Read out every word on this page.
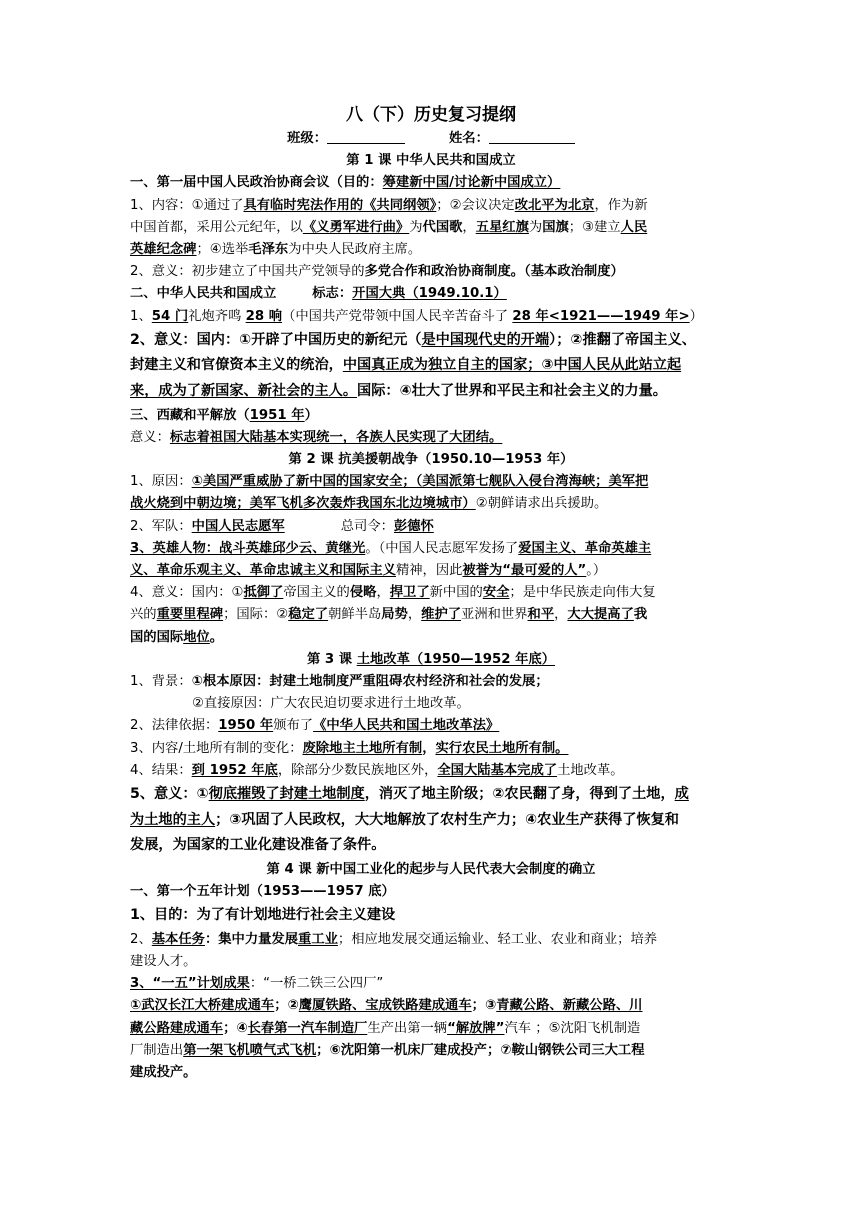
八（下）历史复习提纲
班级：	姓名：
第 1 课 中华人民共和国成立
一、第一届中国人民政治协商会议（目的：筹建新中国/讨论新中国成立）
1、内容：①通过了具有临时宪法作用的《共同纲领》；②会议决定改北平为北京，作为新
中国首都，采用公元纪年，以《义勇军进行曲》为代国歌，五星红旗为国旗；③建立人民
英雄纪念碑；④选举毛泽东为中央人民政府主席。
2、意义：初步建立了中国共产党领导的多党合作和政治协商制度。（基本政治制度）
二、中华人民共和国成立	标志：开国大典（1949.10.1）
1、54 门礼炮齐鸣 28 响（中国共产党带领中国人民辛苦奋斗了 28 年<1921——1949 年>）
2、意义：国内：①开辟了中国历史的新纪元（是中国现代史的开端）；②推翻了帝国主义、
封建主义和官僚资本主义的统治，中国真正成为独立自主的国家；③中国人民从此站立起
来，成为了新国家、新社会的主人。国际：④壮大了世界和平民主和社会主义的力量。
三、西藏和平解放（1951 年）
意义：标志着祖国大陆基本实现统一，各族人民实现了大团结。
第 2 课 抗美援朝战争（1950.10—1953 年）
1、原因：①美国严重威胁了新中国的国家安全；（美国派第七舰队入侵台湾海峡；美军把
战火烧到中朝边境；美军飞机多次轰炸我国东北边境城市）②朝鲜请求出兵援助。
2、军队：中国人民志愿军	总司令：彭德怀
3、英雄人物：战斗英雄邱少云、黄继光。（中国人民志愿军发扬了爱国主义、革命英雄主
义、革命乐观主义、革命忠诚主义和国际主义精神，因此被誉为“最可爱的人”。）
4、意义：国内：①抵御了帝国主义的侵略，捍卫了新中国的安全；是中华民族走向伟大复
兴的重要里程碑；国际：②稳定了朝鲜半岛局势，维护了亚洲和世界和平，大大提高了我
国的国际地位。
第 3 课 土地改革（1950—1952 年底）
1、背景：①根本原因：封建土地制度严重阻碍农村经济和社会的发展；
②直接原因：广大农民迫切要求进行土地改革。
2、法律依据：1950 年颁布了《中华人民共和国土地改革法》
3、内容/土地所有制的变化：废除地主土地所有制，实行农民土地所有制。
4、结果：到 1952 年底，除部分少数民族地区外，全国大陆基本完成了土地改革。
5、意义：①彻底摧毁了封建土地制度，消灭了地主阶级；②农民翻了身，得到了土地，成
为土地的主人；③巩固了人民政权，大大地解放了农村生产力；④农业生产获得了恢复和
发展，为国家的工业化建设准备了条件。
第 4 课 新中国工业化的起步与人民代表大会制度的确立
一、第一个五年计划（1953——1957 底）
1、目的：为了有计划地进行社会主义建设
2、基本任务：集中力量发展重工业；相应地发展交通运输业、轻工业、农业和商业；培养
建设人才。
3、“一五”计划成果：“一桥二铁三公四厂”
①武汉长江大桥建成通车；②鹰厦铁路、宝成铁路建成通车；③青藏公路、新藏公路、川
藏公路建成通车；④长春第一汽车制造厂生产出第一辆“解放牌”汽车 ；⑤沈阳飞机制造
厂制造出第一架飞机喷气式飞机；⑥沈阳第一机床厂建成投产；⑦鞍山钢铁公司三大工程
建成投产。
